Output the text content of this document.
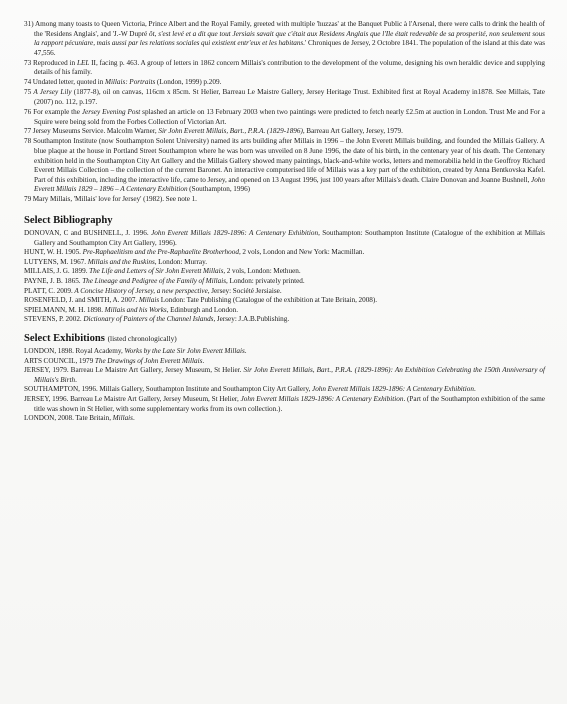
31) Among many toasts to Queen Victoria, Prince Albert and the Royal Family, greeted with multiple 'huzzas' at the Banquet Public à l'Arsenal, there were calls to drink the health of the 'Residens Anglais', and 'J.-W Dupré ôt, s'est levé et a dit que tout Jersiais savait que c'était aux Residens Anglais que l'Ile était redevable de sa prosperité, non seulement sous la rapport pécuniare, mais aussi par les relations sociales qui existient entr'eux et les habitans.' Chroniques de Jersey, 2 Octobre 1841. The population of the island at this date was 47,556.

73 Reproduced in LEL II, facing p. 463. A group of letters in 1862 concern Millais's contribution to the development of the volume, designing his own heraldic device and supplying details of his family.

74 Undated letter, quoted in Millais: Portraits (London, 1999) p.209.

75 A Jersey Lily (1877-8), oil on canvas, 116cm x 85cm. St Helier, Barreau Le Maistre Gallery, Jersey Heritage Trust. Exhibited first at Royal Academy in1878. See Millais, Tate (2007) no. 112, p.197.

76 For example the Jersey Evening Post splashed an article on 13 February 2003 when two paintings were predicted to fetch nearly £2.5m at auction in London. Trust Me and For a Squire were being sold from the Forbes Collection of Victorian Art.

77 Jersey Museums Service. Malcolm Warner, Sir John Everett Millais, Bart., P.R.A. (1829-1896), Barreau Art Gallery, Jersey, 1979.

78 Southampton Institute (now Southampton Solent University) named its arts building after Millais in 1996 – the John Everett Millais building, and founded the Millais Gallery. A blue plaque at the house in Portland Street Southampton where he was born was unveiled on 8 June 1996, the date of his birth, in the centenary year of his death. The Centenary exhibition held in the Southampton City Art Gallery and the Millais Gallery showed many paintings, black-and-white works, letters and memorabilia held in the Geoffroy Richard Everett Millais Collection – the collection of the current Baronet. An interactive computerised life of Millais was a key part of the exhibition, created by Anna Bentkovska Kafel. Part of this exhibition, including the interactive life, came to Jersey, and opened on 13 August 1996, just 100 years after Millais's death. Claire Donovan and Joanne Bushnell, John Everett Millais 1829 – 1896 – A Centenary Exhibition (Southampton, 1996)

79 Mary Millais, 'Millais' love for Jersey' (1982). See note 1.

Select Bibliography

DONOVAN, C and BUSHNELL, J. 1996. John Everett Millais 1829-1896: A Centenary Exhibition, Southampton: Southampton Institute (Catalogue of the exhibition at Millais Gallery and Southampton City Art Gallery, 1996).

HUNT, W. H. 1905. Pre-Raphaelitism and the Pre-Raphaelite Brotherhood, 2 vols, London and New York: Macmillan.

LUTYENS, M. 1967. Millais and the Ruskins, London: Murray.

MILLAIS, J. G. 1899. The Life and Letters of Sir John Everett Millais, 2 vols, London: Methuen.

PAYNE, J. B. 1865. The Lineage and Pedigree of the Family of Millais, London: privately printed.

PLATT, C. 2009. A Concise History of Jersey, a new perspective, Jersey: Société Jersiaise.

ROSENFELD, J. and SMITH, A. 2007. Millais London: Tate Publishing (Catalogue of the exhibition at Tate Britain, 2008).

SPIELMANN, M. H. 1898. Millais and his Works, Edinburgh and London.

STEVENS, P. 2002. Dictionary of Painters of the Channel Islands, Jersey: J.A.B.Publishing.

Select Exhibitions (listed chronologically)

LONDON, 1898. Royal Academy, Works by the Late Sir John Everett Millais.

ARTS COUNCIL, 1979 The Drawings of John Everett Millais.

JERSEY, 1979. Barreau Le Maistre Art Gallery, Jersey Museum, St Helier. Sir John Everett Millais, Bart., P.R.A. (1829-1896): An Exhibition Celebrating the 150th Anniversary of Millais's Birth.

SOUTHAMPTON, 1996. Millais Gallery, Southampton Institute and Southampton City Art Gallery, John Everett Millais 1829-1896: A Centenary Exhibition.

JERSEY, 1996. Barreau Le Maistre Art Gallery, Jersey Museum, St Helier, John Everett Millais 1829-1896: A Centenary Exhibition. (Part of the Southampton exhibition of the same title was shown in St Helier, with some supplementary works from its own collection.).

LONDON, 2008. Tate Britain, Millais.
